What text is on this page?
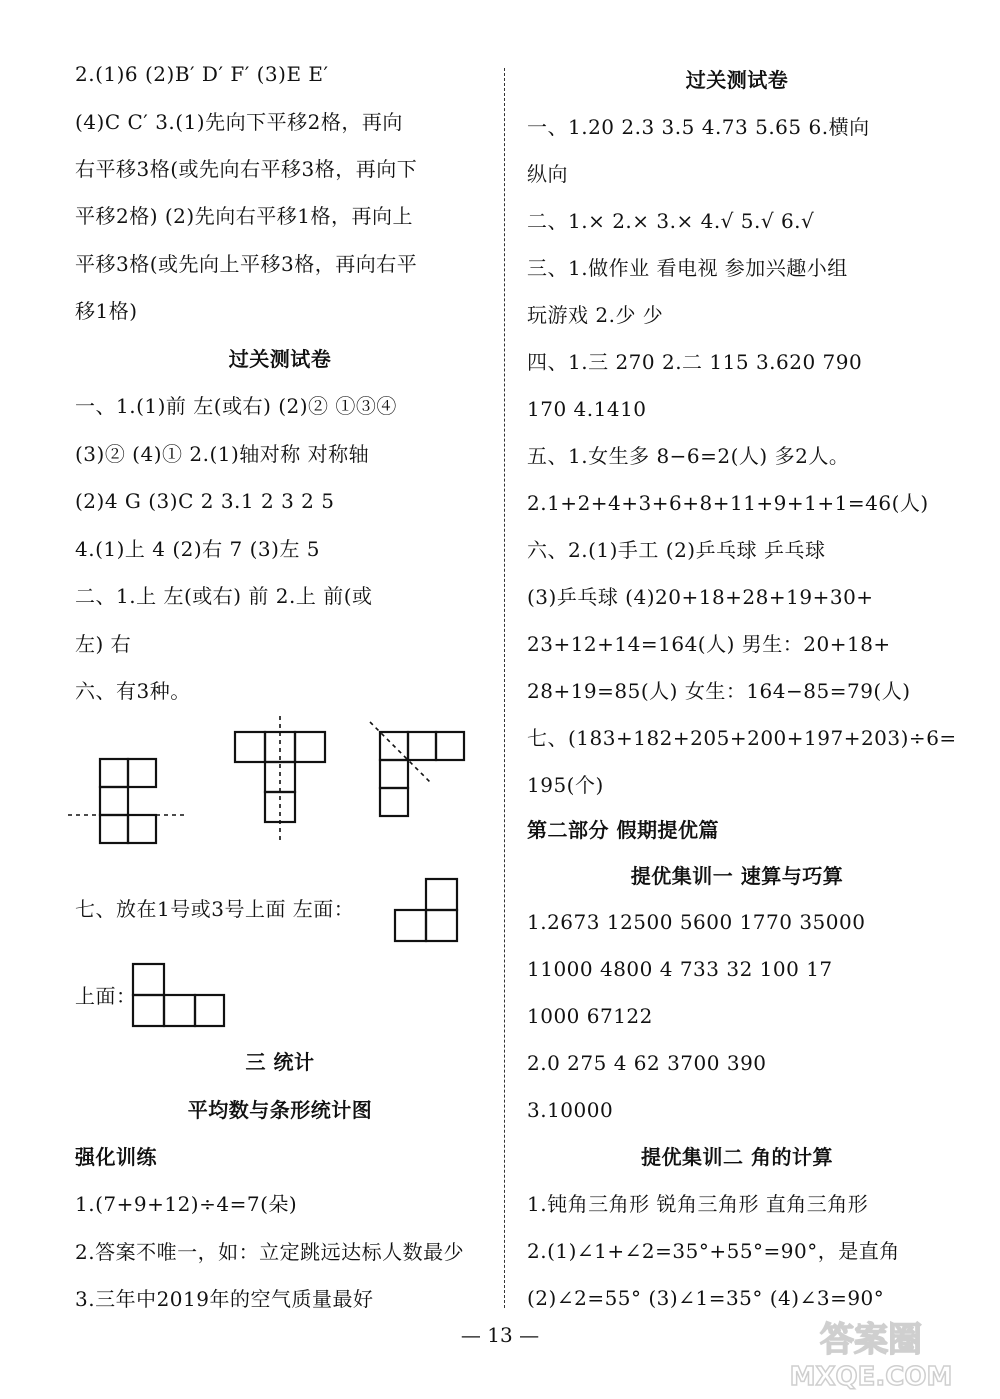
2.(1)6 (2)B′ D′ F′ (3)E E′
(4)C C′ 3.(1)先向下平移2格，再向
右平移3格(或先向右平移3格，再向下
平移2格) (2)先向右平移1格，再向上
平移3格(或先向上平移3格，再向右平
移1格)
过关测试卷
一、1.(1)前 左(或右) (2)② ①③④
(3)② (4)① 2.(1)轴对称 对称轴
(2)4 G (3)C 2 3.1 2 3 2 5
4.(1)上 4 (2)右 7 (3)左 5
二、1.上 左(或右) 前 2.上 前(或
左) 右
六、有3种。
七、放在1号或3号上面 左面：
上面：
三 统计
平均数与条形统计图
强化训练
1.(7+9+12)÷4=7(朵)
2.答案不唯一，如：立定跳远达标人数最少
3.三年中2019年的空气质量最好
过关测试卷
一、1.20 2.3 3.5 4.73 5.65 6.横向
纵向
二、1.× 2.× 3.× 4.√ 5.√ 6.√
三、1.做作业 看电视 参加兴趣小组
玩游戏 2.少 少
四、1.三 270 2.二 115 3.620 790
170 4.1410
五、1.女生多 8−6=2(人) 多2人。
2.1+2+4+3+6+8+11+9+1+1=46(人)
六、2.(1)手工 (2)乒乓球 乒乓球
(3)乒乓球 (4)20+18+28+19+30+
23+12+14=164(人) 男生：20+18+
28+19=85(人) 女生：164−85=79(人)
七、(183+182+205+200+197+203)÷6=
195(个)
第二部分 假期提优篇
提优集训一 速算与巧算
1.2673 12500 5600 1770 35000
11000 4800 4 733 32 100 17
1000 67122
2.0 275 4 62 3700 390
3.10000
提优集训二 角的计算
1.钝角三角形 锐角三角形 直角三角形
2.(1)∠1+∠2=35°+55°=90°，是直角
(2)∠2=55° (3)∠1=35° (4)∠3=90°
— 13 —	答案圈
MXQE.COM
